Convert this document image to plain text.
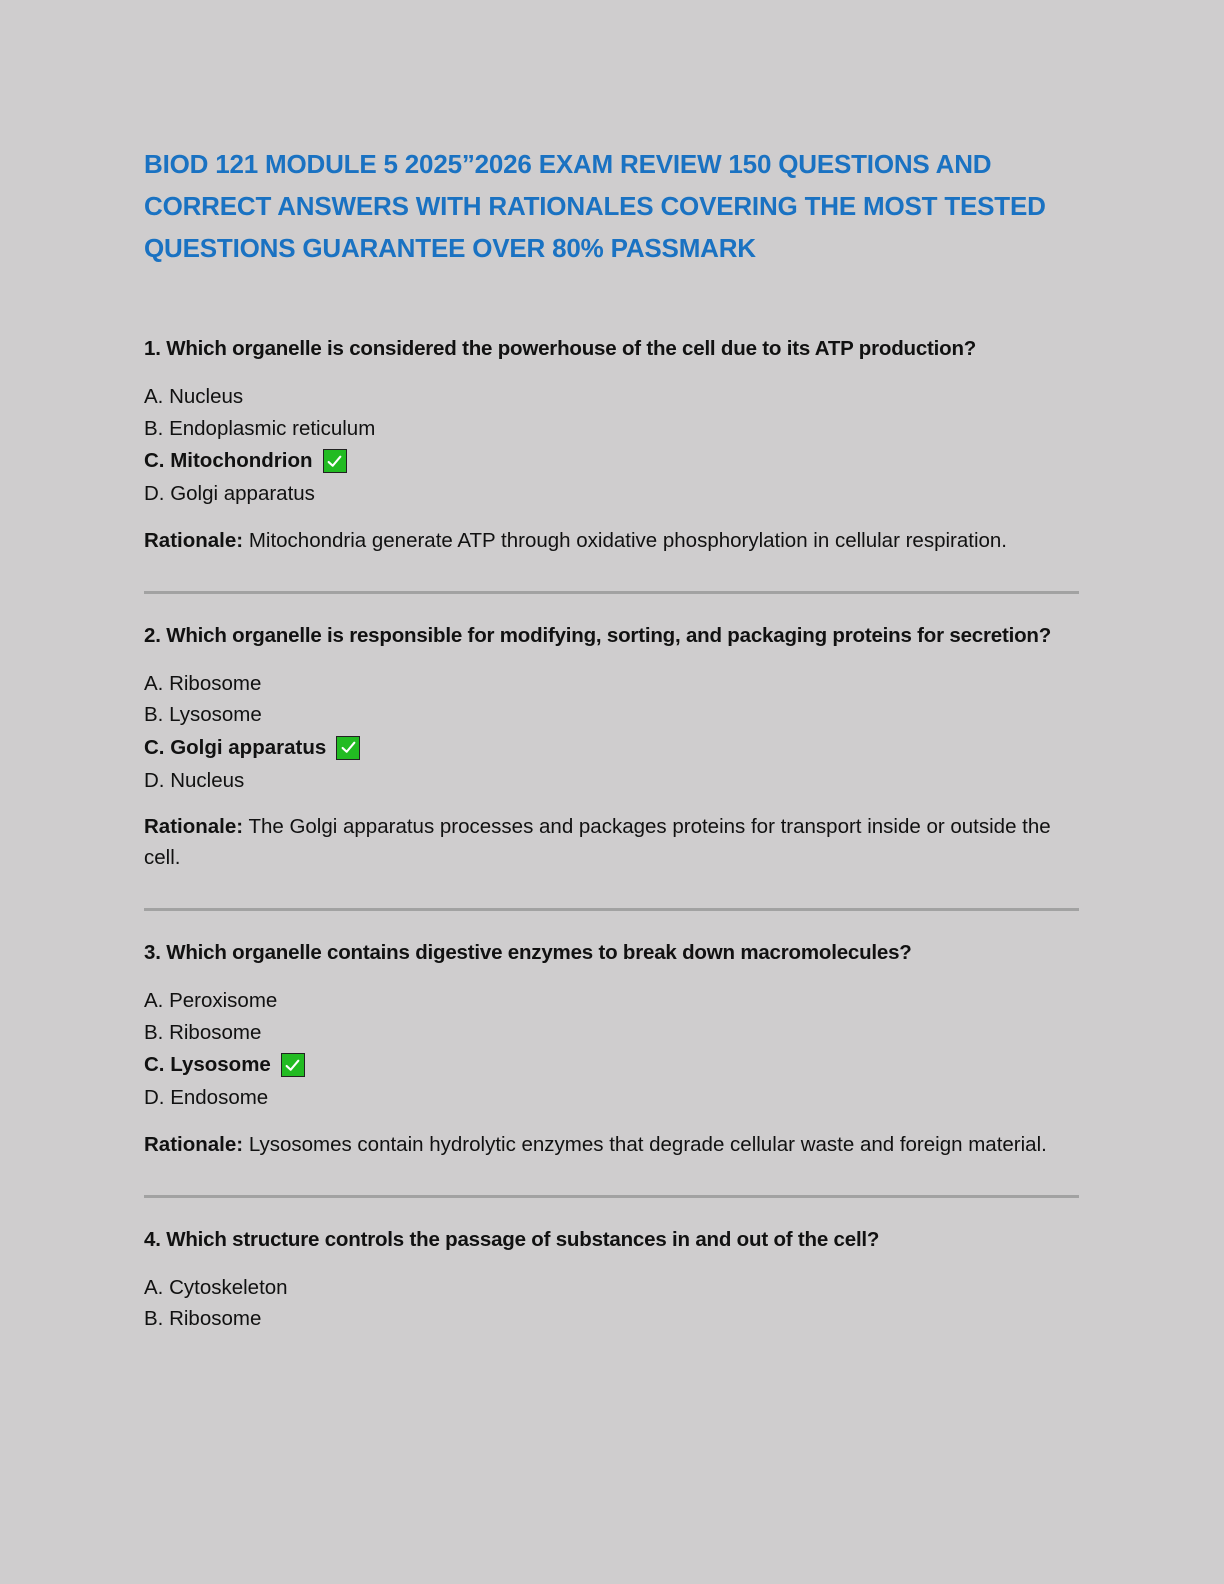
BIOD 121 MODULE 5 2025”2026 EXAM REVIEW 150 QUESTIONS AND CORRECT ANSWERS WITH RATIONALES COVERING THE MOST TESTED QUESTIONS GUARANTEE OVER 80% PASSMARK

1. Which organelle is considered the powerhouse of the cell due to its ATP production?

A. Nucleus
B. Endoplasmic reticulum
C. Mitochondrion
D. Golgi apparatus

Rationale: Mitochondria generate ATP through oxidative phosphorylation in cellular respiration.

2. Which organelle is responsible for modifying, sorting, and packaging proteins for secretion?

A. Ribosome
B. Lysosome
C. Golgi apparatus
D. Nucleus

Rationale: The Golgi apparatus processes and packages proteins for transport inside or outside the cell.

3. Which organelle contains digestive enzymes to break down macromolecules?

A. Peroxisome
B. Ribosome
C. Lysosome
D. Endosome

Rationale: Lysosomes contain hydrolytic enzymes that degrade cellular waste and foreign material.

4. Which structure controls the passage of substances in and out of the cell?

A. Cytoskeleton
B. Ribosome
